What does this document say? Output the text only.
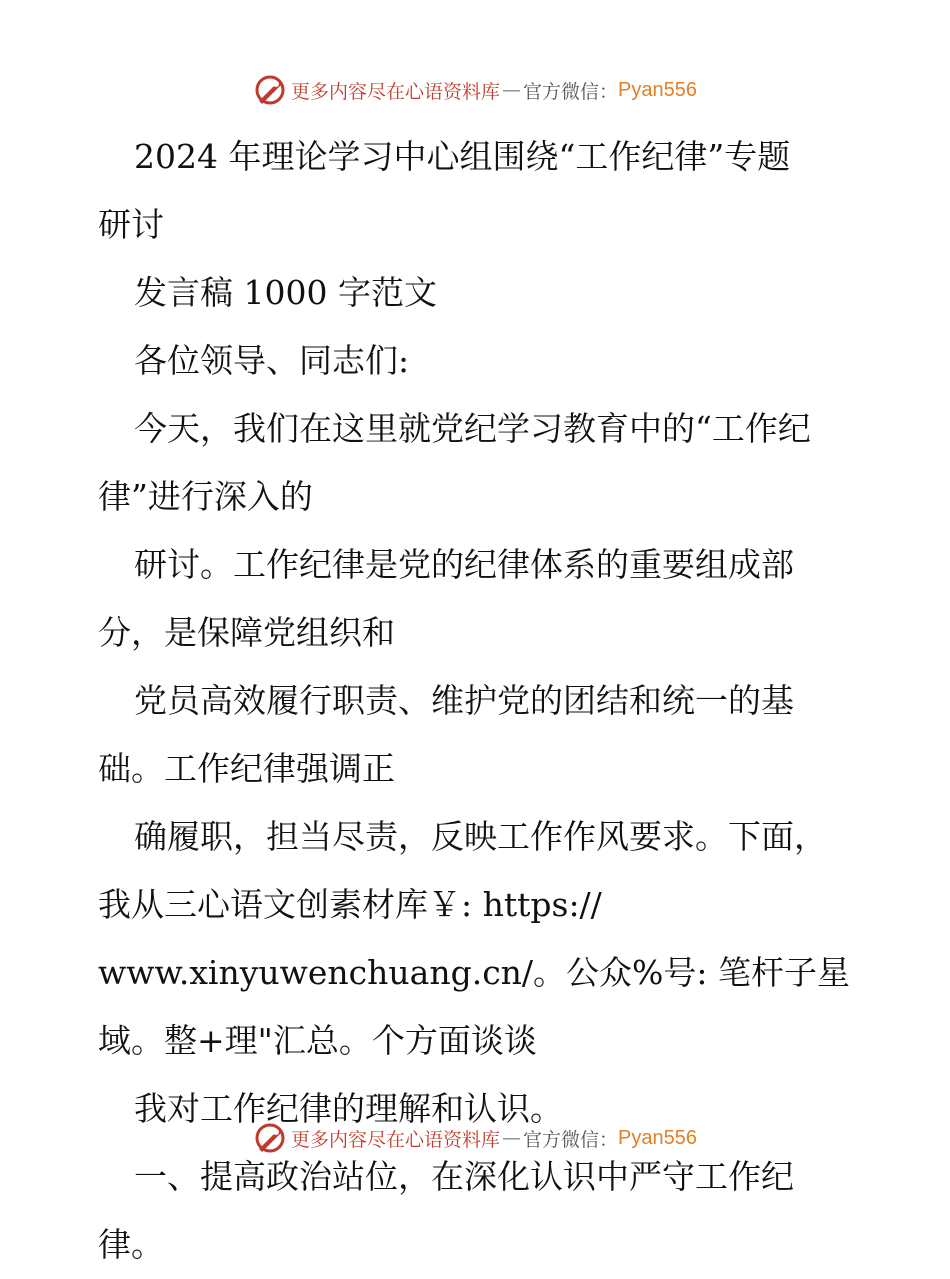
更多内容尽在心语资料库 — 官方微信： Pyan556
2024 年理论学习中心组围绕“工作纪律”专题
研讨
发言稿 1000 字范文
各位领导、同志们:
今天，我们在这里就党纪学习教育中的“工作纪
律”进行深入的
研讨。工作纪律是党的纪律体系的重要组成部
分，是保障党组织和
党员高效履行职责、维护党的团结和统一的基
础。工作纪律强调正
确履职，担当尽责，反映工作作风要求。下面，
我从三心语文创素材库￥: https://
www.xinyuwenchuang.cn/。公众%号: 笔杆子星
域。整+理"汇总。个方面谈谈
我对工作纪律的理解和认识。
一、提高政治站位，在深化认识中严守工作纪
律。
更多内容尽在心语资料库 — 官方微信： Pyan556
